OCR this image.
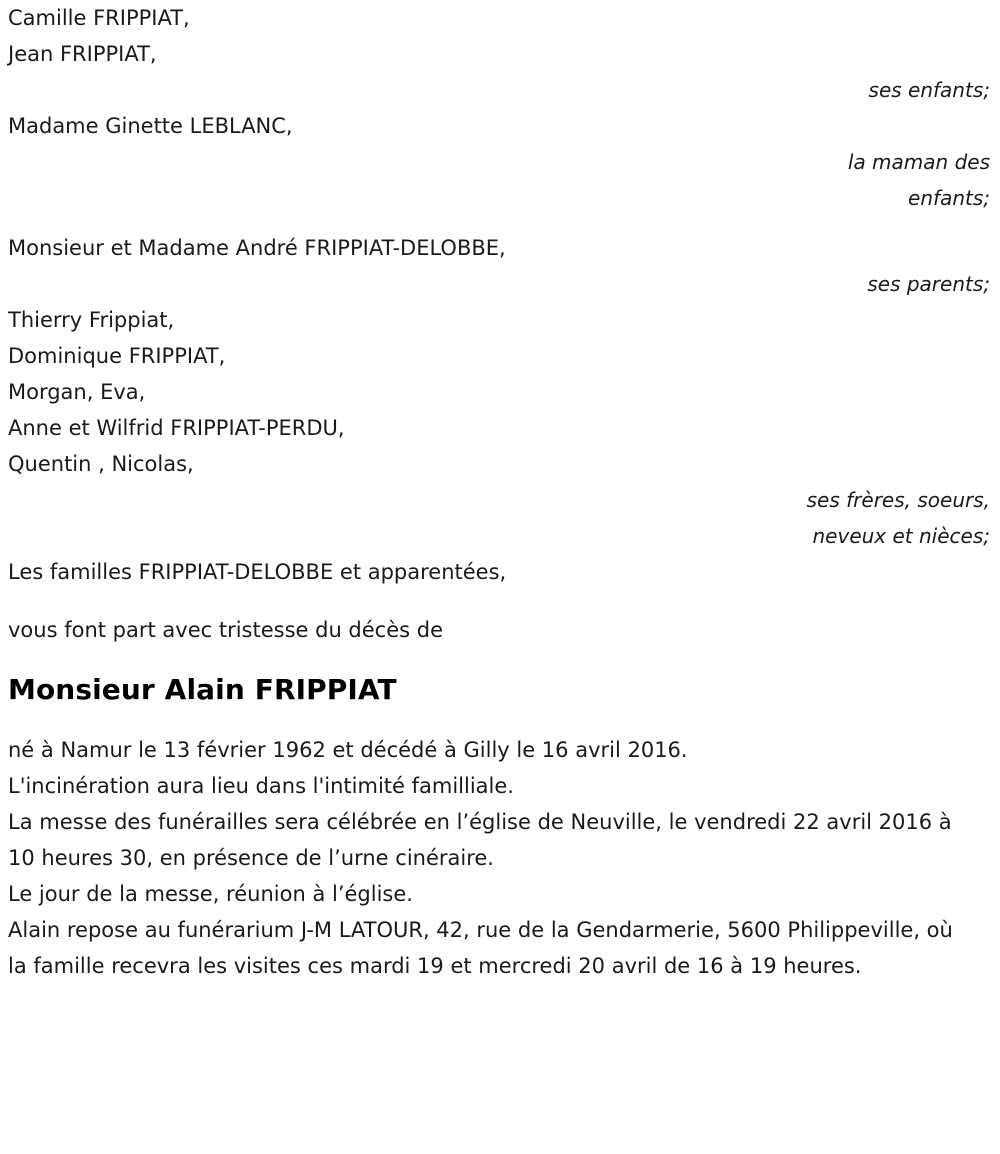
Camille FRIPPIAT,
Jean FRIPPIAT,
ses enfants;
Madame Ginette LEBLANC,
la maman des
enfants;
Monsieur et Madame André FRIPPIAT-DELOBBE,
ses parents;
Thierry Frippiat,
Dominique FRIPPIAT,
Morgan, Eva,
Anne et Wilfrid FRIPPIAT-PERDU,
Quentin , Nicolas,
ses frères, soeurs,
neveux et nièces;
Les familles FRIPPIAT-DELOBBE et apparentées,
vous font part avec tristesse du décès de
Monsieur Alain FRIPPIAT
né à Namur le 13 février 1962 et décédé à Gilly le 16 avril 2016.
L'incinération aura lieu dans l'intimité familliale.
La messe des funérailles sera célébrée en l’église de Neuville, le vendredi 22 avril 2016 à 10 heures 30, en présence de l’urne cinéraire.
Le jour de la messe, réunion à l’église.
Alain repose au funérarium J-M LATOUR, 42, rue de la Gendarmerie, 5600 Philippeville, où la famille recevra les visites ces mardi 19 et mercredi 20 avril de 16 à 19 heures.
